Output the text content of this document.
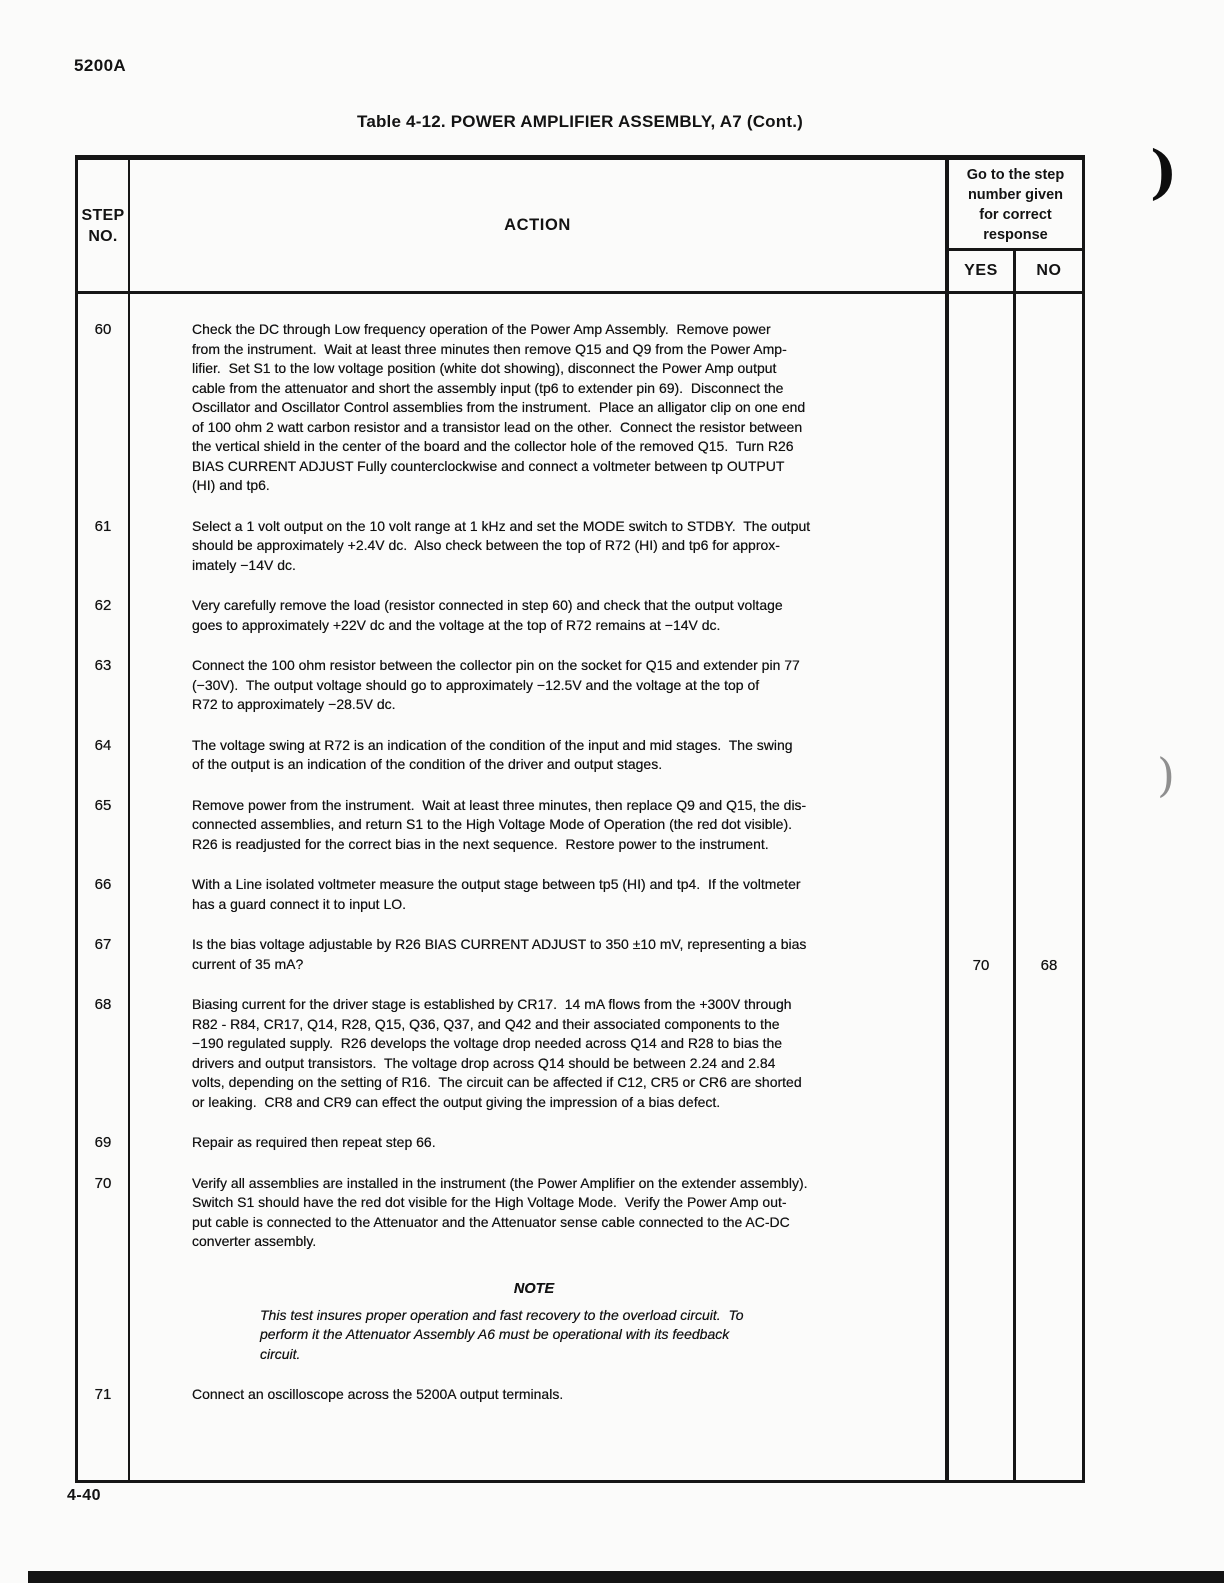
5200A
Table 4-12. POWER AMPLIFIER ASSEMBLY, A7 (Cont.)
)
)
STEP
NO.
ACTION
Go to the step
number given
for correct
response
YES	NO
60	Check the DC through Low frequency operation of the Power Amp Assembly.  Remove power
from the instrument.  Wait at least three minutes then remove Q15 and Q9 from the Power Amp-
lifier.  Set S1 to the low voltage position (white dot showing), disconnect the Power Amp output
cable from the attenuator and short the assembly input (tp6 to extender pin 69).  Disconnect the
Oscillator and Oscillator Control assemblies from the instrument.  Place an alligator clip on one end
of 100 ohm 2 watt carbon resistor and a transistor lead on the other.  Connect the resistor between
the vertical shield in the center of the board and the collector hole of the removed Q15.  Turn R26
BIAS CURRENT ADJUST Fully counterclockwise and connect a voltmeter between tp OUTPUT
(HI) and tp6.
61	Select a 1 volt output on the 10 volt range at 1 kHz and set the MODE switch to STDBY.  The output
should be approximately +2.4V dc.  Also check between the top of R72 (HI) and tp6 for approx-
imately −14V dc.
62	Very carefully remove the load (resistor connected in step 60) and check that the output voltage
goes to approximately +22V dc and the voltage at the top of R72 remains at −14V dc.
63	Connect the 100 ohm resistor between the collector pin on the socket for Q15 and extender pin 77
(−30V).  The output voltage should go to approximately −12.5V and the voltage at the top of
R72 to approximately −28.5V dc.
64	The voltage swing at R72 is an indication of the condition of the input and mid stages.  The swing
of the output is an indication of the condition of the driver and output stages.
65	Remove power from the instrument.  Wait at least three minutes, then replace Q9 and Q15, the dis-
connected assemblies, and return S1 to the High Voltage Mode of Operation (the red dot visible).
R26 is readjusted for the correct bias in the next sequence.  Restore power to the instrument.
66	With a Line isolated voltmeter measure the output stage between tp5 (HI) and tp4.  If the voltmeter
has a guard connect it to input LO.
67	Is the bias voltage adjustable by R26 BIAS CURRENT ADJUST to 350 ±10 mV, representing a bias
current of 35 mA?	70	68
68	Biasing current for the driver stage is established by CR17.  14 mA flows from the +300V through
R82 - R84, CR17, Q14, R28, Q15, Q36, Q37, and Q42 and their associated components to the
−190 regulated supply.  R26 develops the voltage drop needed across Q14 and R28 to bias the
drivers and output transistors.  The voltage drop across Q14 should be between 2.24 and 2.84
volts, depending on the setting of R16.  The circuit can be affected if C12, CR5 or CR6 are shorted
or leaking.  CR8 and CR9 can effect the output giving the impression of a bias defect.
69	Repair as required then repeat step 66.
70	Verify all assemblies are installed in the instrument (the Power Amplifier on the extender assembly).
Switch S1 should have the red dot visible for the High Voltage Mode.  Verify the Power Amp out-
put cable is connected to the Attenuator and the Attenuator sense cable connected to the AC-DC
converter assembly.
NOTE
This test insures proper operation and fast recovery to the overload circuit.  To
perform it the Attenuator Assembly A6 must be operational with its feedback
circuit.
71	Connect an oscilloscope across the 5200A output terminals.
4-40
